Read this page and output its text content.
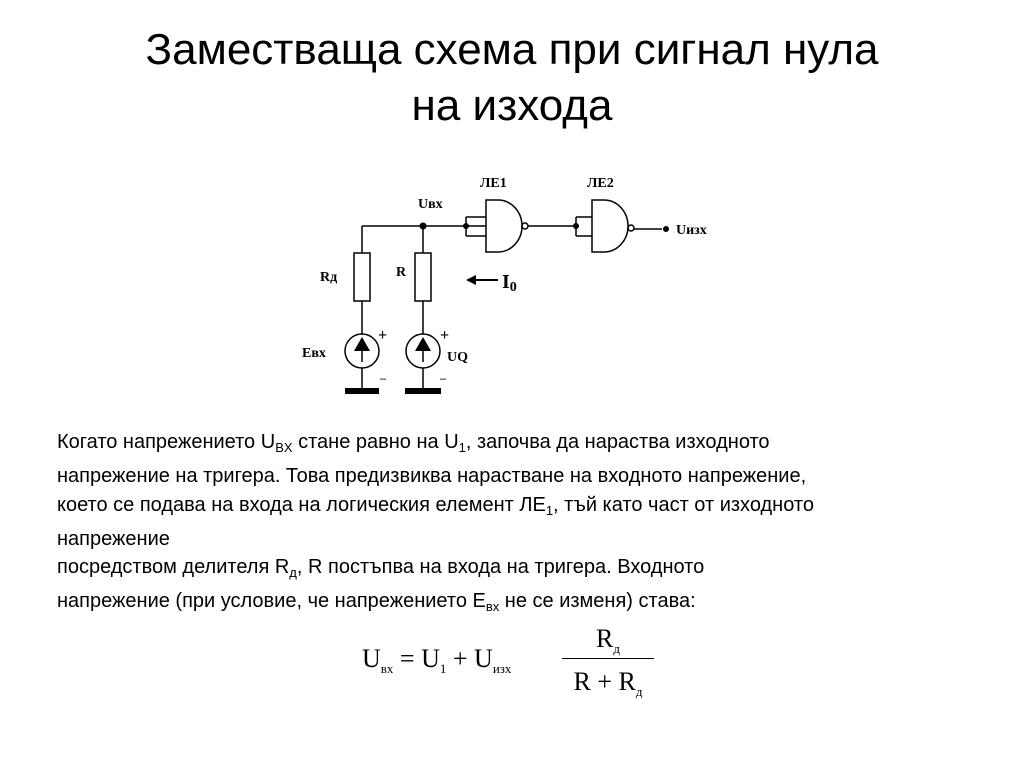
Заместваща схема при сигнал нула
на изхода
Uвх
ЛЕ1	ЛЕ2
Uизх
Rд	R
Eвх	UQ
+	+
–	–
I0

Когато напрежението $U_{BX}$ стане равно на $U_1$, започва да нараства изходното

напрежение на тригера. Това предизвиква нарастване на входното напрежение,

което се подава на входа на логическия елемент $ЛЕ_1$, тъй като част от изходното

напрежение

посредством делителя $R_д$, R постъпва на входа на тригера. Входното

напрежение (при условие, че напрежението $E_{вх}$ не се изменя) става:

$U_{вх} = U_1 + U_{изх}$
$R_д$
$R + R_д$
